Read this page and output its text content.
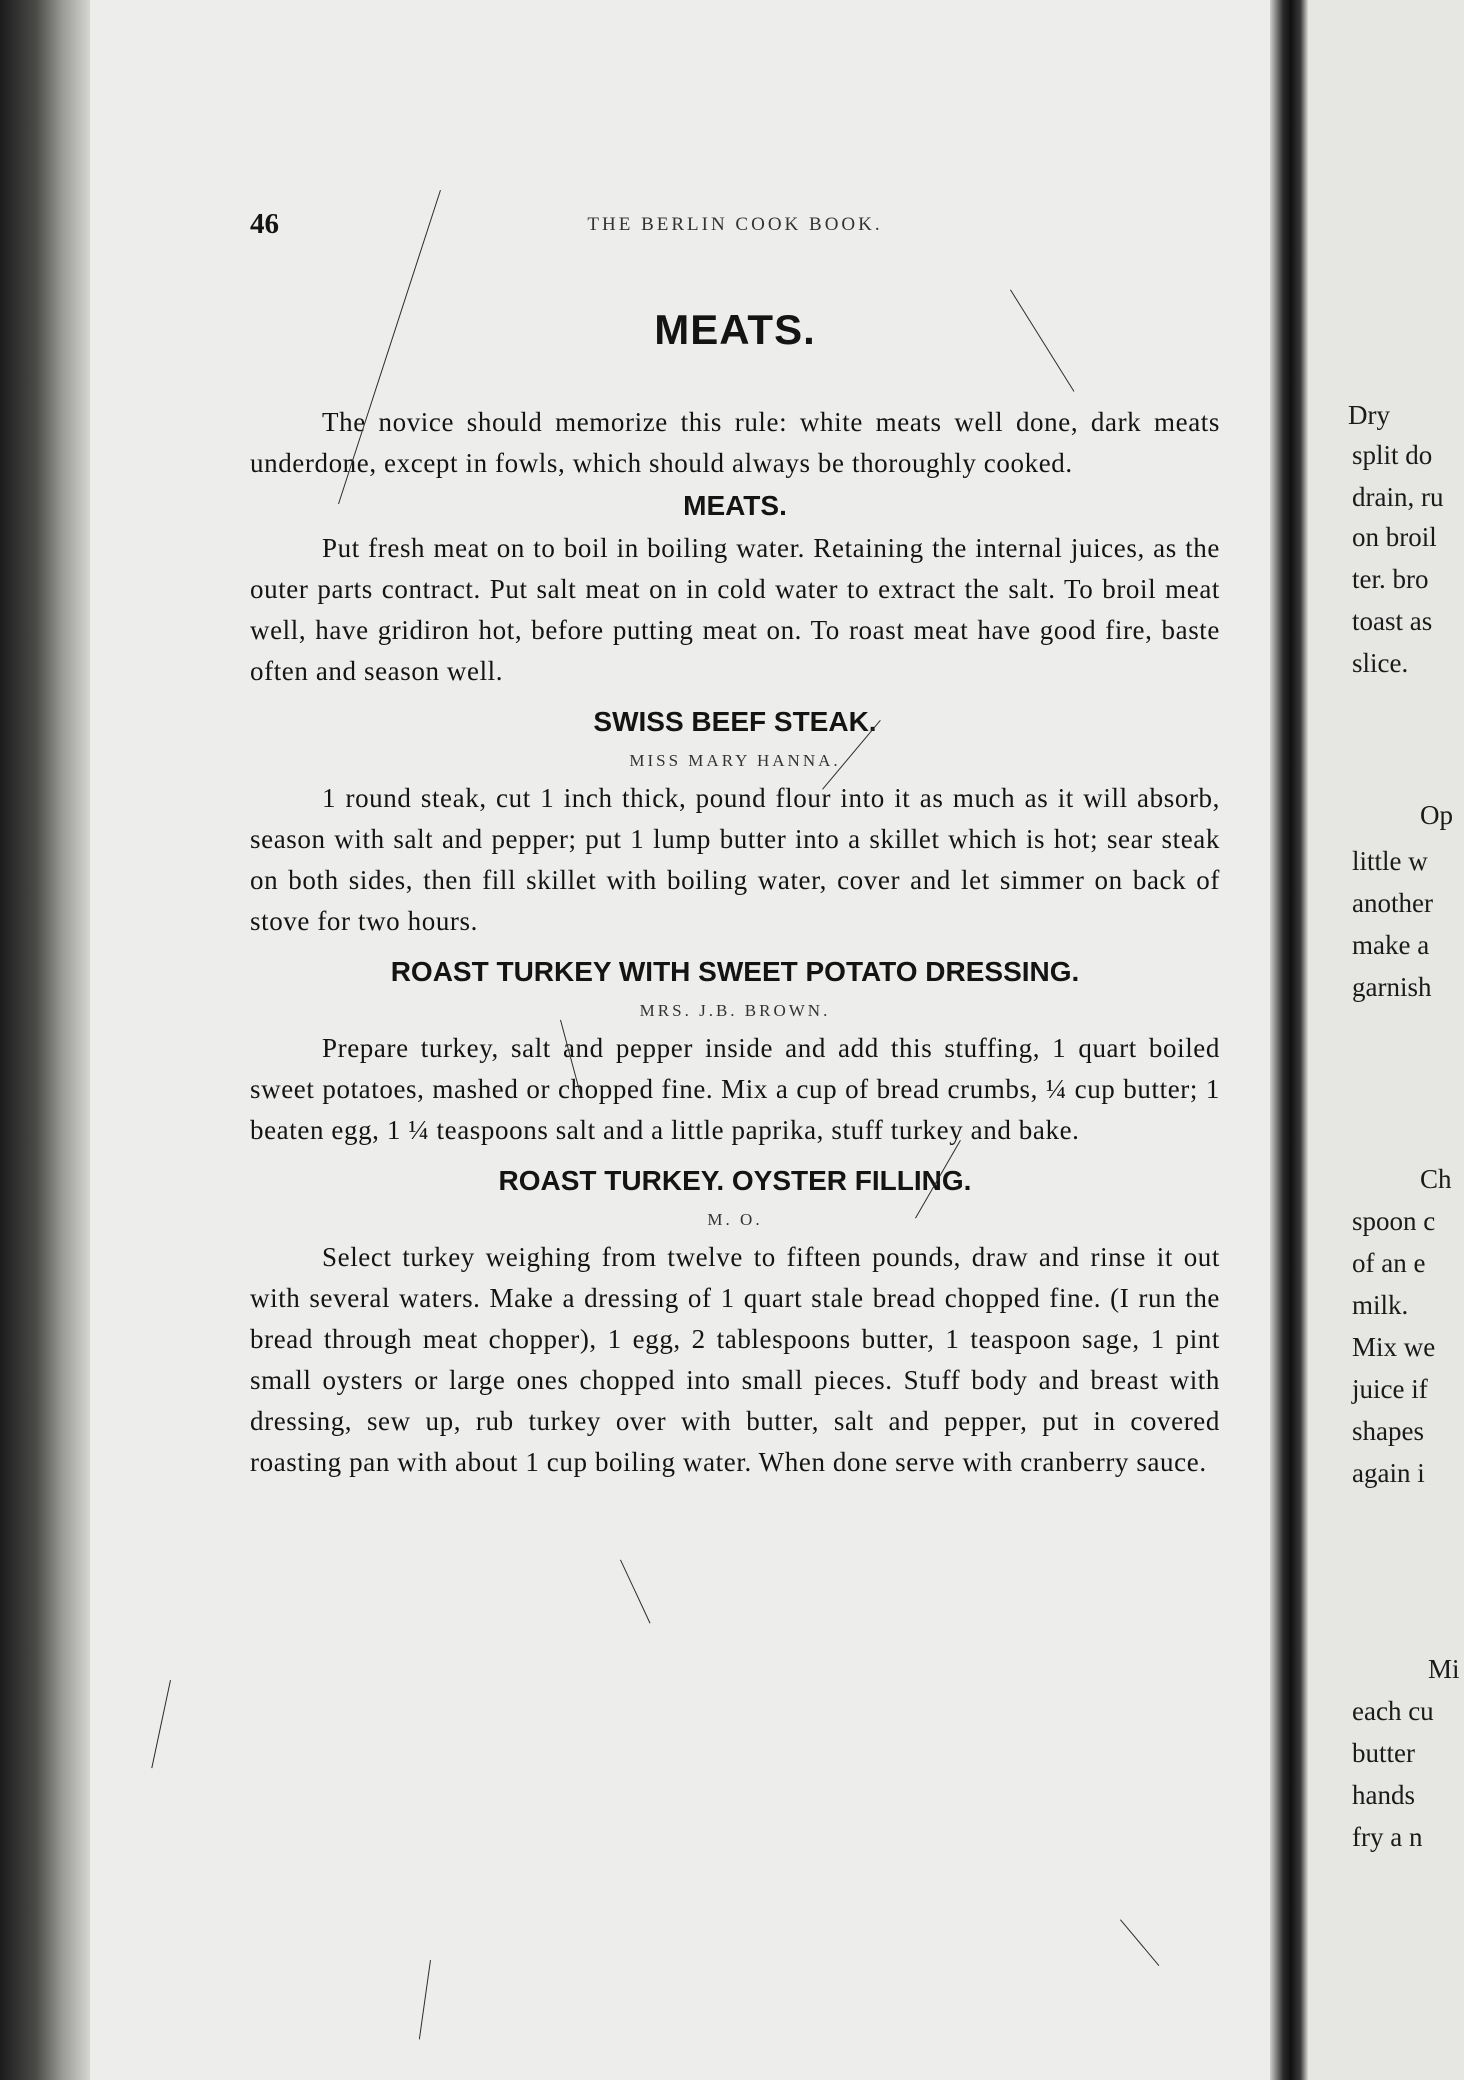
46	THE BERLIN COOK BOOK.
MEATS.

The novice should memorize this rule: white meats well done, dark meats underdone, except in fowls, which should always be thoroughly cooked.

MEATS.

Put fresh meat on to boil in boiling water. Retaining the internal juices, as the outer parts contract. Put salt meat on in cold water to extract the salt. To broil meat well, have gridiron hot, before putting meat on. To roast meat have good fire, baste often and season well.

SWISS BEEF STEAK.
MISS MARY HANNA.

1 round steak, cut 1 inch thick, pound flour into it as much as it will absorb, season with salt and pepper; put 1 lump butter into a skillet which is hot; sear steak on both sides, then fill skillet with boiling water, cover and let simmer on back of stove for two hours.

ROAST TURKEY WITH SWEET POTATO DRESSING.
MRS. J.B. BROWN.

Prepare turkey, salt and pepper inside and add this stuffing, 1 quart boiled sweet potatoes, mashed or chopped fine. Mix a cup of bread crumbs, ¼ cup butter; 1 beaten egg, 1 ¼ teaspoons salt and a little paprika, stuff turkey and bake.

ROAST TURKEY. OYSTER FILLING.
M. O.

Select turkey weighing from twelve to fifteen pounds, draw and rinse it out with several waters. Make a dressing of 1 quart stale bread chopped fine. (I run the bread through meat chopper), 1 egg, 2 tablespoons butter, 1 teaspoon sage, 1 pint small oysters or large ones chopped into small pieces. Stuff body and breast with dressing, sew up, rub turkey over with butter, salt and pepper, put in covered roasting pan with about 1 cup boiling water. When done serve with cranberry sauce.

Dry
split do
drain, ru
on broil
ter. bro
toast as
slice.
Op
little w
another
make a
garnish
Ch
spoon c
of an e
milk.
Mix we
juice if
shapes
again i
Mi
each cu
butter
hands
fry a n
